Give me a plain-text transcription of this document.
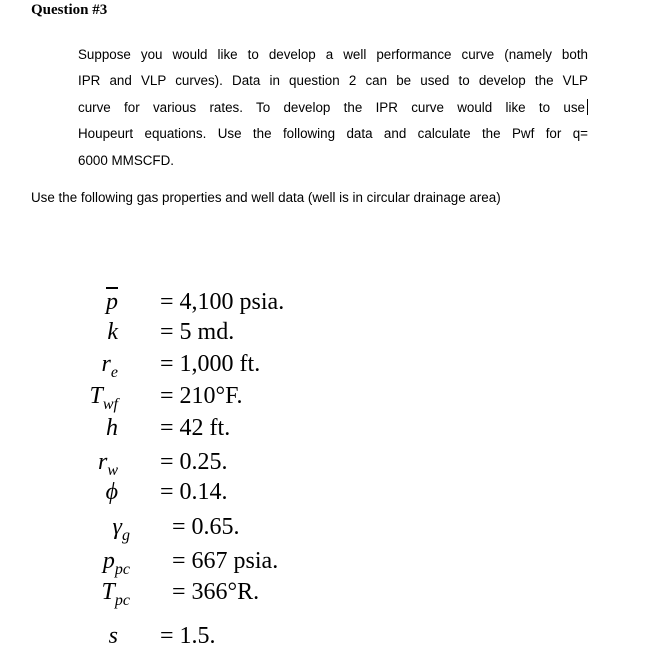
Question #3
Suppose you would like to develop a well performance curve (namely both
IPR and VLP curves). Data in question 2 can be used to develop the VLP
curve for various rates. To develop the IPR curve would like to use
Houpeurt equations. Use the following data and calculate the Pwf for q=
6000 MMSCFD.
Use the following gas properties and well data (well is in circular drainage area)
$\overline{p} = 4,100$ psia.
k = 5 md.
$r_e = 1,000$ ft.
$T_{wf} = 210^\circ F$.
h = 42 ft.
$r_w = 0.25$.
ϕ = 0.14.
$\gamma_g = 0.65$.
$p_{pc} = 667$ psia.
$T_{pc} = 366^\circ R$.
s = 1.5.
